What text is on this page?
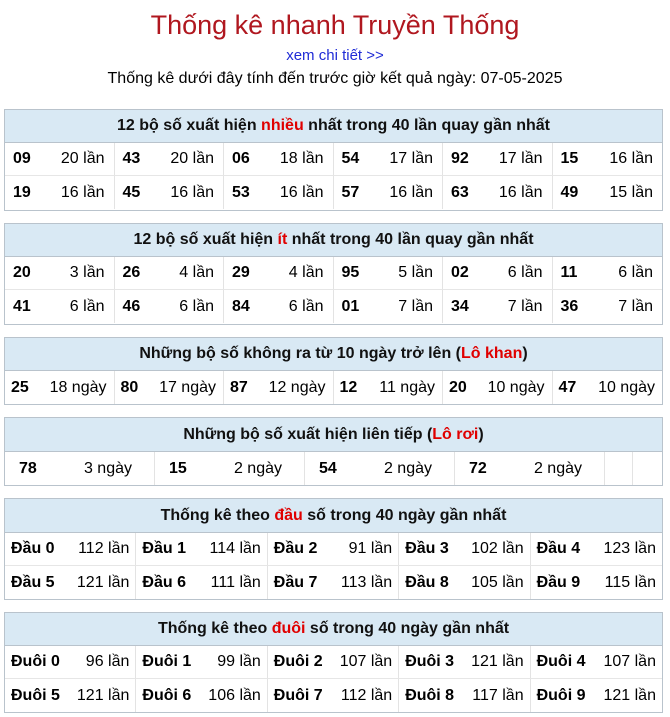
Thống kê nhanh Truyền Thống
xem chi tiết >>
Thống kê dưới đây tính đến trước giờ kết quả ngày: 07-05-2025
12 bộ số xuất hiện nhiều nhất trong 40 lần quay gần nhất
09 20 lần 43 20 lần 06 18 lần 54 17 lần 92 17 lần 15 16 lần
19 16 lần 45 16 lần 53 16 lần 57 16 lần 63 16 lần 49 15 lần
12 bộ số xuất hiện ít nhất trong 40 lần quay gần nhất
20 3 lần 26 4 lần 29 4 lần 95 5 lần 02 6 lần 11	6 lần
41 6 lần 46 6 lần 84 6 lần 01 7 lần 34 7 lần 36	7 lần
Những bộ số không ra từ 10 ngày trở lên (Lô khan)
25 18 ngày 80 17 ngày 87 12 ngày 12 11 ngày 20 10 ngày 47 10 ngày
Những bộ số xuất hiện liên tiếp (Lô rơi)
78	3 ngày 15	2 ngày 54	2 ngày 72	2 ngày
Thống kê theo đầu số trong 40 ngày gần nhất
Đầu 0 112 lần Đầu 1 114 lần Đầu 2 91 lần Đầu 3 102 lần Đầu 4 123 lần
Đầu 5 121 lần Đầu 6 111 lần Đầu 7 113 lần Đầu 8 105 lần Đầu 9 115 lần
Thống kê theo đuôi số trong 40 ngày gần nhất
Đuôi 0 96 lần Đuôi 1 99 lần Đuôi 2 107 lần Đuôi 3 121 lần Đuôi 4 107 lần
Đuôi 5 121 lần Đuôi 6 106 lần Đuôi 7 112 lần Đuôi 8 117 lần Đuôi 9 121 lần
